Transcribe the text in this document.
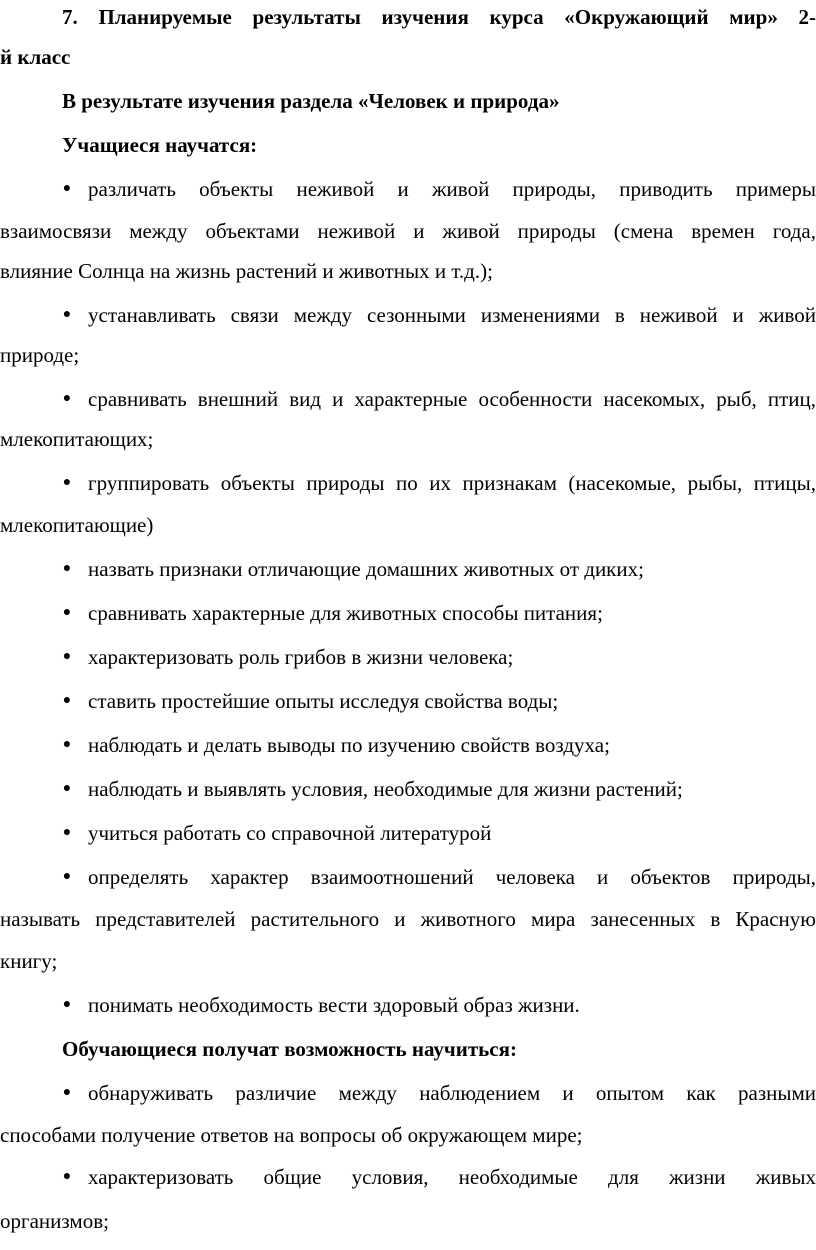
7. Планируемые результаты изучения курса «Окружающий мир» 2-

й класс

В результате изучения раздела «Человек и природа»

Учащиеся научатся:

● различать объекты неживой и живой природы, приводить примеры

взаимосвязи между объектами неживой и живой природы (смена времен года,

влияние Солнца на жизнь растений и животных и т.д.);

● устанавливать связи между сезонными изменениями в неживой и живой

природе;

● сравнивать внешний вид и характерные особенности насекомых, рыб, птиц,

млекопитающих;

● группировать объекты природы по их признакам (насекомые, рыбы, птицы,

млекопитающие)

● назвать признаки отличающие домашних животных от диких;
● сравнивать характерные для животных способы питания;
● характеризовать роль грибов в жизни человека;
● ставить простейшие опыты исследуя свойства воды;
● наблюдать и делать выводы по изучению свойств воздуха;
● наблюдать и выявлять условия, необходимые для жизни растений;
● учиться работать со справочной литературой
● определять характер взаимоотношений человека и объектов природы,

называть представителей растительного и животного мира занесенных в Красную

книгу;

● понимать необходимость вести здоровый образ жизни.

Обучающиеся получат возможность научиться:

● обнаруживать различие между наблюдением и опытом как разными

способами получение ответов на вопросы об окружающем мире;

● характеризовать общие условия, необходимые для жизни живых

организмов;
